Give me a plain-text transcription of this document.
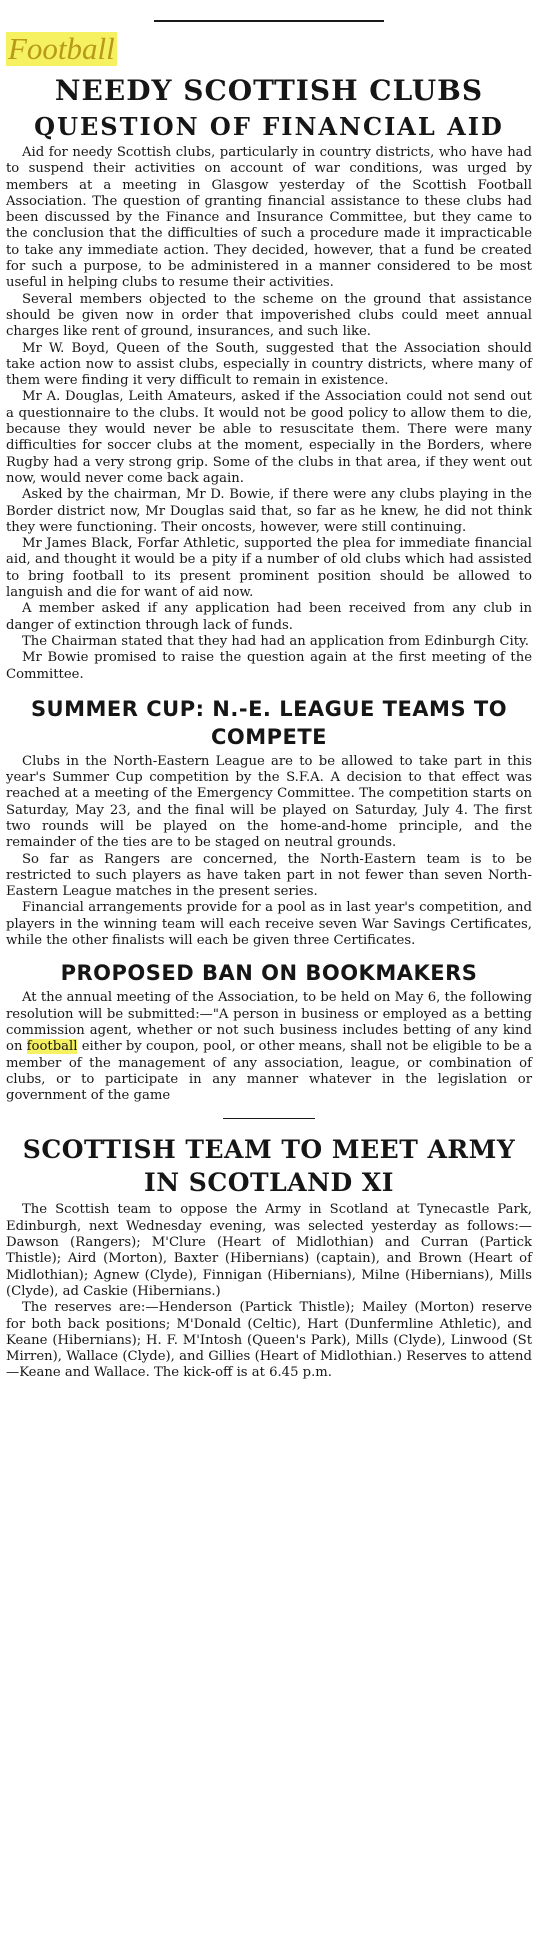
Football
NEEDY SCOTTISH CLUBS
QUESTION OF FINANCIAL AID

Aid for needy Scottish clubs, particularly in country districts, who have had to suspend their activities on account of war conditions, was urged by members at a meeting in Glasgow yesterday of the Scottish Football Association. The question of granting financial assistance to these clubs had been discussed by the Finance and Insurance Committee, but they came to the conclusion that the difficulties of such a procedure made it impracticable to take any immediate action. They decided, however, that a fund be created for such a purpose, to be administered in a manner considered to be most useful in helping clubs to resume their activities.

Several members objected to the scheme on the ground that assistance should be given now in order that impoverished clubs could meet annual charges like rent of ground, insurances, and such like.

Mr W. Boyd, Queen of the South, suggested that the Association should take action now to assist clubs, especially in country districts, where many of them were finding it very difficult to remain in existence.

Mr A. Douglas, Leith Amateurs, asked if the Association could not send out a questionnaire to the clubs. It would not be good policy to allow them to die, because they would never be able to resuscitate them. There were many difficulties for soccer clubs at the moment, especially in the Borders, where Rugby had a very strong grip. Some of the clubs in that area, if they went out now, would never come back again.

Asked by the chairman, Mr D. Bowie, if there were any clubs playing in the Border district now, Mr Douglas said that, so far as he knew, he did not think they were functioning. Their oncosts, however, were still continuing.

Mr James Black, Forfar Athletic, supported the plea for immediate financial aid, and thought it would be a pity if a number of old clubs which had assisted to bring football to its present prominent position should be allowed to languish and die for want of aid now.

A member asked if any application had been received from any club in danger of extinction through lack of funds.

The Chairman stated that they had had an application from Edinburgh City.

Mr Bowie promised to raise the question again at the first meeting of the Committee.

SUMMER CUP: N.-E. LEAGUE TEAMS TO COMPETE

Clubs in the North-Eastern League are to be allowed to take part in this year's Summer Cup competition by the S.F.A. A decision to that effect was reached at a meeting of the Emergency Committee. The competition starts on Saturday, May 23, and the final will be played on Saturday, July 4. The first two rounds will be played on the home-and-home principle, and the remainder of the ties are to be staged on neutral grounds.

So far as Rangers are concerned, the North-Eastern team is to be restricted to such players as have taken part in not fewer than seven North-Eastern League matches in the present series.

Financial arrangements provide for a pool as in last year's competition, and players in the winning team will each receive seven War Savings Certificates, while the other finalists will each be given three Certificates.

PROPOSED BAN ON BOOKMAKERS

At the annual meeting of the Association, to be held on May 6, the following resolution will be submitted:—"A person in business or employed as a betting commission agent, whether or not such business includes betting of any kind on football either by coupon, pool, or other means, shall not be eligible to be a member of the management of any association, league, or combination of clubs, or to participate in any manner whatever in the legislation or government of the game

SCOTTISH TEAM TO MEET ARMY IN SCOTLAND XI

The Scottish team to oppose the Army in Scotland at Tynecastle Park, Edinburgh, next Wednesday evening, was selected yesterday as follows:—Dawson (Rangers); M'Clure (Heart of Midlothian) and Curran (Partick Thistle); Aird (Morton), Baxter (Hibernians) (captain), and Brown (Heart of Midlothian); Agnew (Clyde), Finnigan (Hibernians), Milne (Hibernians), Mills (Clyde), ad Caskie (Hibernians.)

The reserves are:—Henderson (Partick Thistle); Mailey (Morton) reserve for both back positions; M'Donald (Celtic), Hart (Dunfermline Athletic), and Keane (Hibernians); H. F. M'Intosh (Queen's Park), Mills (Clyde), Linwood (St Mirren), Wallace (Clyde), and Gillies (Heart of Midlothian.) Reserves to attend—Keane and Wallace. The kick-off is at 6.45 p.m.
